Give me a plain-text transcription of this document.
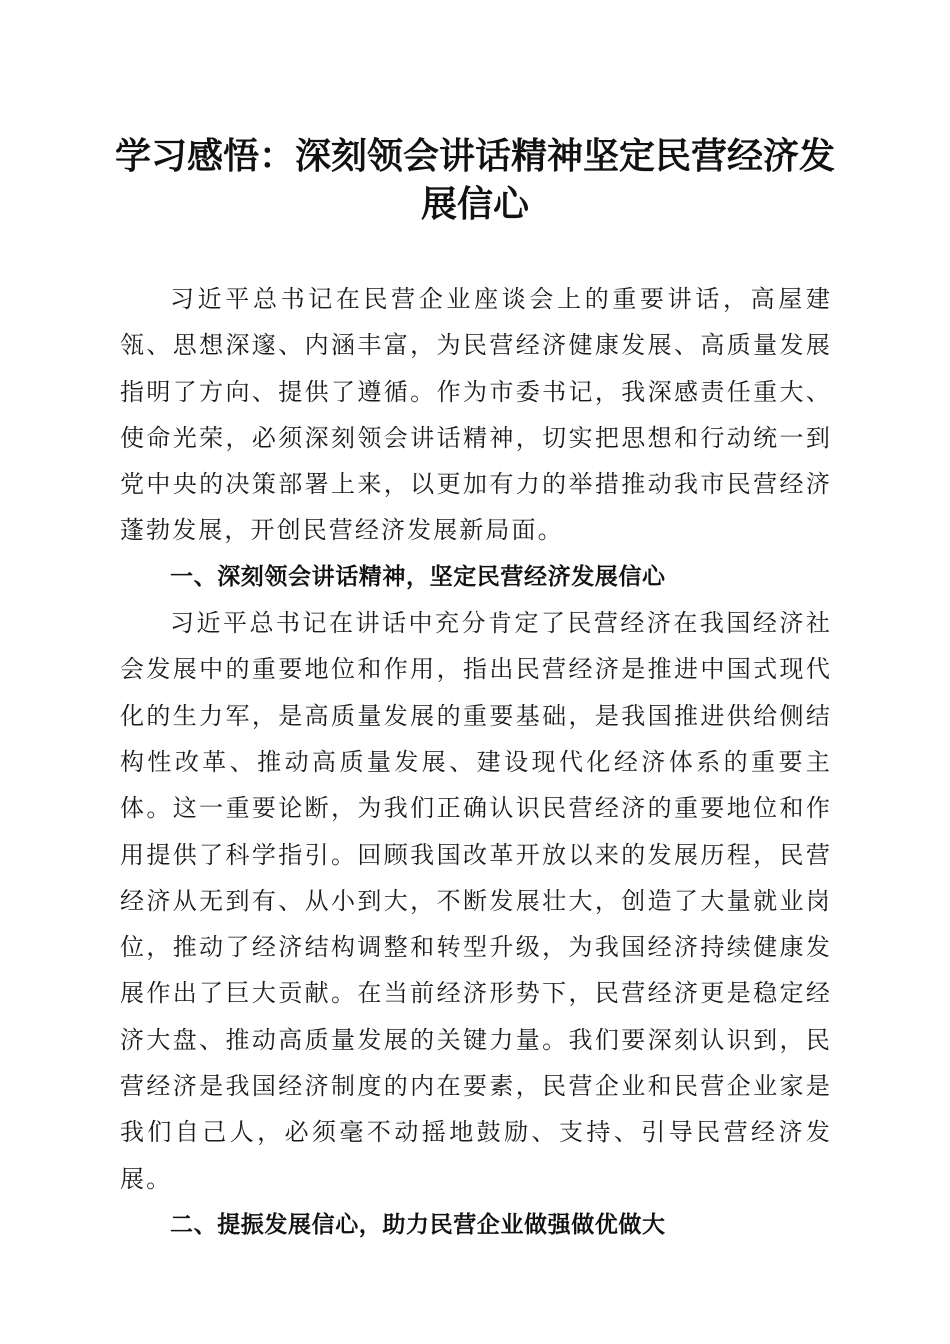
学习感悟：深刻领会讲话精神坚定民营经济发展信心

习近平总书记在民营企业座谈会上的重要讲话，高屋建瓴、思想深邃、内涵丰富，为民营经济健康发展、高质量发展指明了方向、提供了遵循。作为市委书记，我深感责任重大、使命光荣，必须深刻领会讲话精神，切实把思想和行动统一到党中央的决策部署上来，以更加有力的举措推动我市民营经济蓬勃发展，开创民营经济发展新局面。

一、深刻领会讲话精神，坚定民营经济发展信心

习近平总书记在讲话中充分肯定了民营经济在我国经济社会发展中的重要地位和作用，指出民营经济是推进中国式现代化的生力军，是高质量发展的重要基础，是我国推进供给侧结构性改革、推动高质量发展、建设现代化经济体系的重要主体。这一重要论断，为我们正确认识民营经济的重要地位和作用提供了科学指引。回顾我国改革开放以来的发展历程，民营经济从无到有、从小到大，不断发展壮大，创造了大量就业岗位，推动了经济结构调整和转型升级，为我国经济持续健康发展作出了巨大贡献。在当前经济形势下，民营经济更是稳定经济大盘、推动高质量发展的关键力量。我们要深刻认识到，民营经济是我国经济制度的内在要素，民营企业和民营企业家是我们自己人，必须毫不动摇地鼓励、支持、引导民营经济发展。

二、提振发展信心，助力民营企业做强做优做大
